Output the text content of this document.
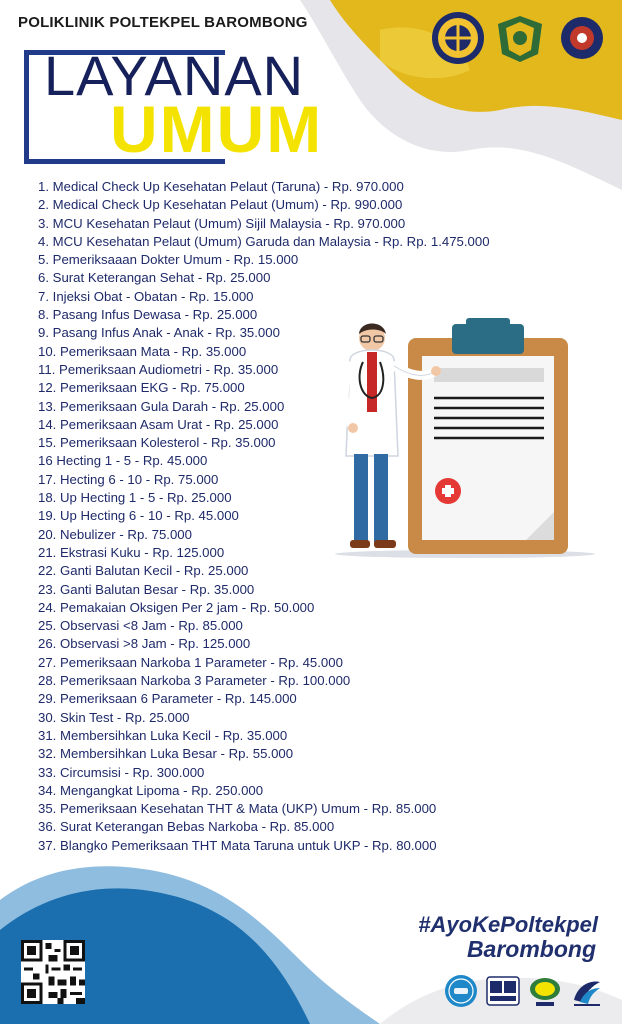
POLIKLINIK POLTEKPEL BAROMBONG
LAYANAN
UMUM
1. Medical Check Up Kesehatan Pelaut (Taruna) - Rp. 970.000
2. Medical Check Up Kesehatan Pelaut (Umum) - Rp. 990.000
3. MCU Kesehatan Pelaut (Umum) Sijil Malaysia - Rp. 970.000
4. MCU Kesehatan Pelaut (Umum) Garuda dan Malaysia - Rp. Rp. 1.475.000
5. Pemeriksaaan Dokter Umum - Rp. 15.000
6. Surat Keterangan Sehat - Rp. 25.000
7. Injeksi Obat - Obatan - Rp. 15.000
8. Pasang Infus Dewasa - Rp. 25.000
9. Pasang Infus Anak - Anak - Rp. 35.000
10. Pemeriksaan Mata - Rp. 35.000
11. Pemeriksaan Audiometri - Rp. 35.000
12. Pemeriksaan EKG - Rp. 75.000
13. Pemeriksaan Gula Darah - Rp. 25.000
14. Pemeriksaan Asam Urat - Rp. 25.000
15. Pemeriksaan Kolesterol - Rp. 35.000
16 Hecting 1 - 5 - Rp. 45.000
17. Hecting 6 - 10 - Rp. 75.000
18. Up Hecting 1 - 5 - Rp. 25.000
19. Up Hecting 6 - 10 - Rp. 45.000
20. Nebulizer - Rp. 75.000
21. Ekstrasi Kuku - Rp. 125.000
22. Ganti Balutan Kecil - Rp. 25.000
23. Ganti Balutan Besar - Rp. 35.000
24. Pemakaian Oksigen Per 2 jam - Rp. 50.000
25. Observasi <8 Jam - Rp. 85.000
26. Observasi >8 Jam - Rp. 125.000
27. Pemeriksaan Narkoba 1 Parameter - Rp. 45.000
28. Pemeriksaan Narkoba 3 Parameter - Rp. 100.000
29. Pemeriksaan 6 Parameter - Rp. 145.000
30. Skin Test - Rp. 25.000
31. Membersihkan Luka Kecil - Rp. 35.000
32. Membersihkan Luka Besar - Rp. 55.000
33. Circumsisi - Rp. 300.000
34. Mengangkat Lipoma - Rp. 250.000
35. Pemeriksaan Kesehatan THT & Mata (UKP) Umum - Rp. 85.000
36. Surat Keterangan Bebas Narkoba - Rp. 85.000
37. Blangko Pemeriksaan THT Mata Taruna untuk UKP - Rp. 80.000
#AyoKePoltekpel
Barombong
